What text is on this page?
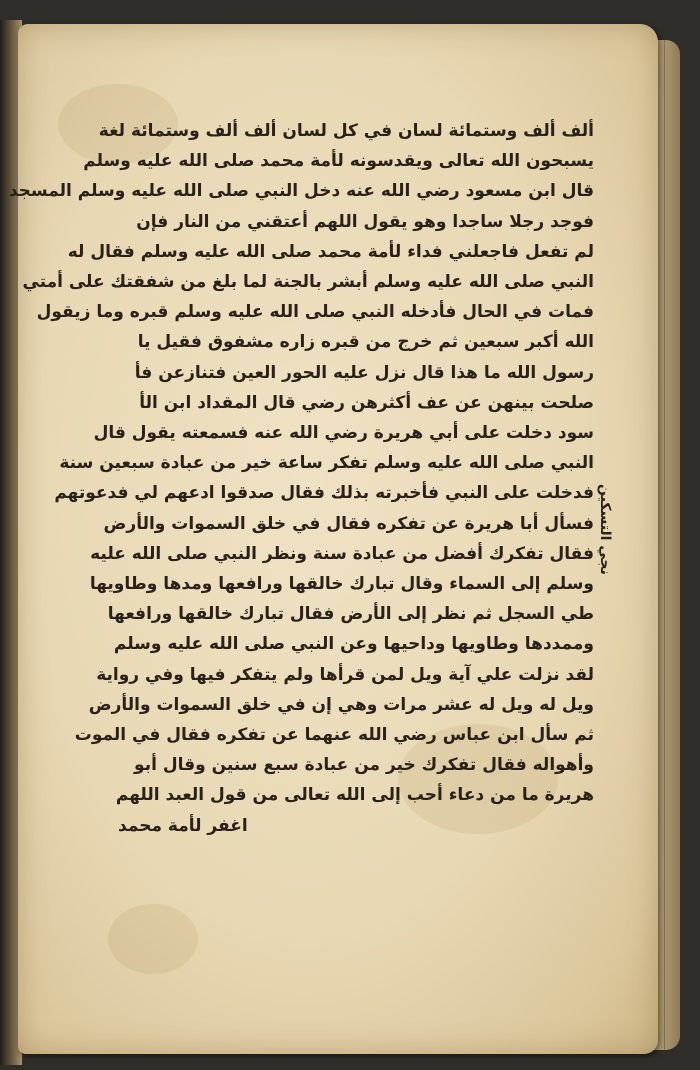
ألف ألف وستمائة لسان في كل لسان ألف ألف وستمائة لغة
يسبحون الله تعالى ويقدسونه لأمة محمد صلى الله عليه وسلم
قال ابن مسعود رضي الله عنه دخل النبي صلى الله عليه وسلم المسجد
فوجد رجلا ساجدا وهو يقول اللهم أعتقني من النار فإن
لم تفعل فاجعلني فداء لأمة محمد صلى الله عليه وسلم فقال له
النبي صلى الله عليه وسلم أبشر بالجنة لما بلغ من شفقتك على أمتي
فمات في الحال فأدخله النبي صلى الله عليه وسلم قبره وما زيقول
الله أكبر سبعين ثم خرج من قبره زاره مشفوق فقيل يا
رسول الله ما هذا قال نزل عليه الحور العين فتنازعن فأ
صلحت بينهن عن عف أكثرهن رضي قال المقداد ابن الأ
سود دخلت على أبي هريرة رضي الله عنه فسمعته يقول قال
النبي صلى الله عليه وسلم تفكر ساعة خير من عبادة سبعين سنة
فدخلت على النبي فأخبرته بذلك فقال صدقوا ادعهم لي فدعوتهم
فسأل أبا هريرة عن تفكره فقال في خلق السموات والأرض
فقال تفكرك أفضل من عبادة سنة ونظر النبي صلى الله عليه
وسلم إلى السماء وقال تبارك خالقها ورافعها ومدها وطاويها
طي السجل ثم نظر إلى الأرض فقال تبارك خالقها ورافعها
وممددها وطاويها وداحيها وعن النبي صلى الله عليه وسلم
لقد نزلت علي آية ويل لمن قرأها ولم يتفكر فيها وفي رواية
ويل له ويل له عشر مرات وهي إن في خلق السموات والأرض
ثم سأل ابن عباس رضي الله عنهما عن تفكره فقال في الموت
وأهواله فقال تفكرك خير من عبادة سبع سنين وقال أبو
هريرة ما من دعاء أحب إلى الله تعالى من قول العبد اللهم
اغفر لأمة محمد
نجي التسكين
